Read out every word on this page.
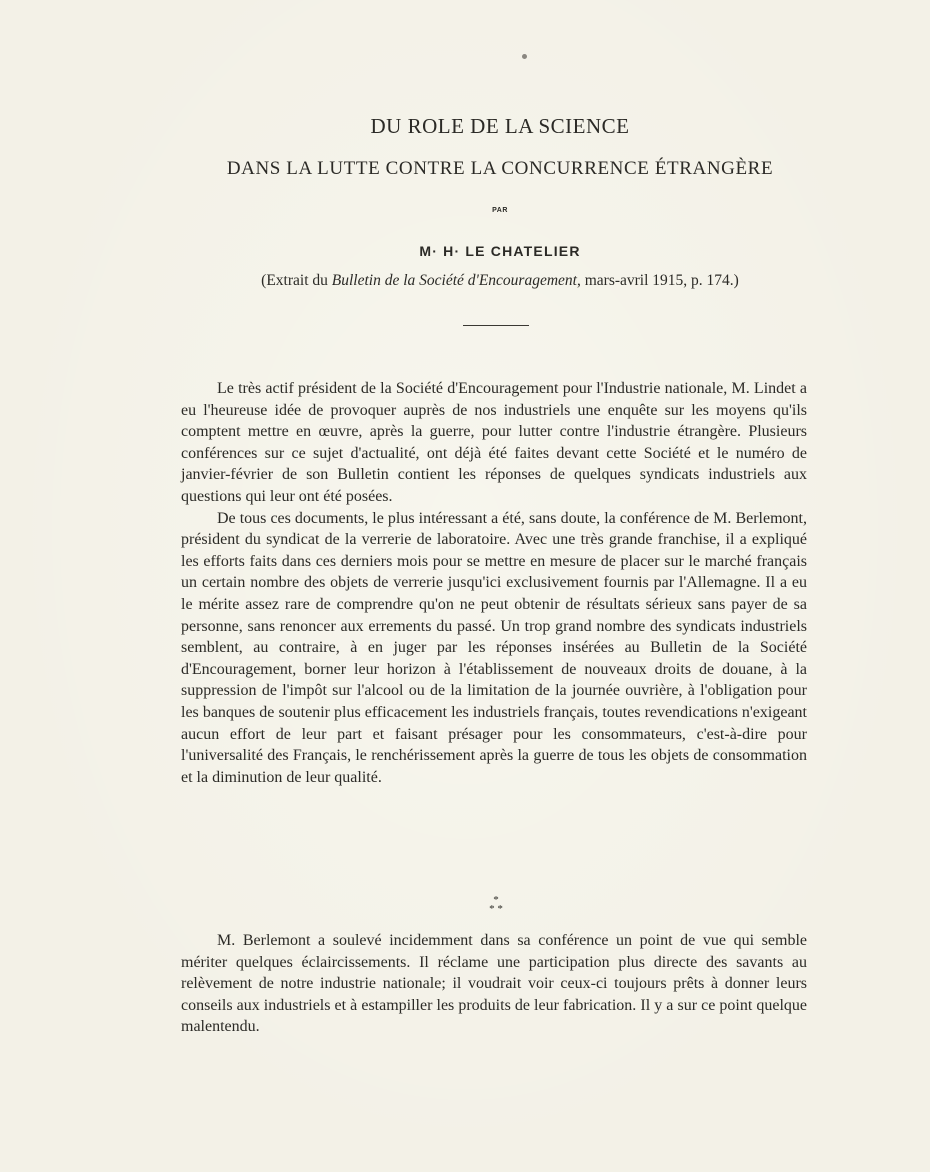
DU ROLE DE LA SCIENCE
DANS LA LUTTE CONTRE LA CONCURRENCE ÉTRANGÈRE
PAR
M· H· LE CHATELIER
(Extrait du Bulletin de la Société d'Encouragement, mars-avril 1915, p. 174.)

Le très actif président de la Société d'Encouragement pour l'Industrie nationale, M. Lindet a eu l'heureuse idée de provoquer auprès de nos industriels une enquête sur les moyens qu'ils comptent mettre en œuvre, après la guerre, pour lutter contre l'industrie étrangère. Plusieurs conférences sur ce sujet d'actualité, ont déjà été faites devant cette Société et le numéro de janvier-février de son Bulletin contient les réponses de quelques syndicats industriels aux questions qui leur ont été posées.

De tous ces documents, le plus intéressant a été, sans doute, la conférence de M. Berlemont, président du syndicat de la verrerie de laboratoire. Avec une très grande franchise, il a expliqué les efforts faits dans ces derniers mois pour se mettre en mesure de placer sur le marché français un certain nombre des objets de verrerie jusqu'ici exclusivement fournis par l'Allemagne. Il a eu le mérite assez rare de comprendre qu'on ne peut obtenir de résultats sérieux sans payer de sa personne, sans renoncer aux errements du passé. Un trop grand nombre des syndicats industriels semblent, au contraire, à en juger par les réponses insérées au Bulletin de la Société d'Encouragement, borner leur horizon à l'établissement de nouveaux droits de douane, à la suppression de l'impôt sur l'alcool ou de la limitation de la journée ouvrière, à l'obligation pour les banques de soutenir plus efficacement les industriels français, toutes revendications n'exigeant aucun effort de leur part et faisant présager pour les consommateurs, c'est-à-dire pour l'universalité des Français, le renchérissement après la guerre de tous les objets de consommation et la diminution de leur qualité.

*
* *

M. Berlemont a soulevé incidemment dans sa conférence un point de vue qui semble mériter quelques éclaircissements. Il réclame une participation plus directe des savants au relèvement de notre industrie nationale; il voudrait voir ceux-ci toujours prêts à donner leurs conseils aux industriels et à estampiller les produits de leur fabrication. Il y a sur ce point quelque malentendu.
